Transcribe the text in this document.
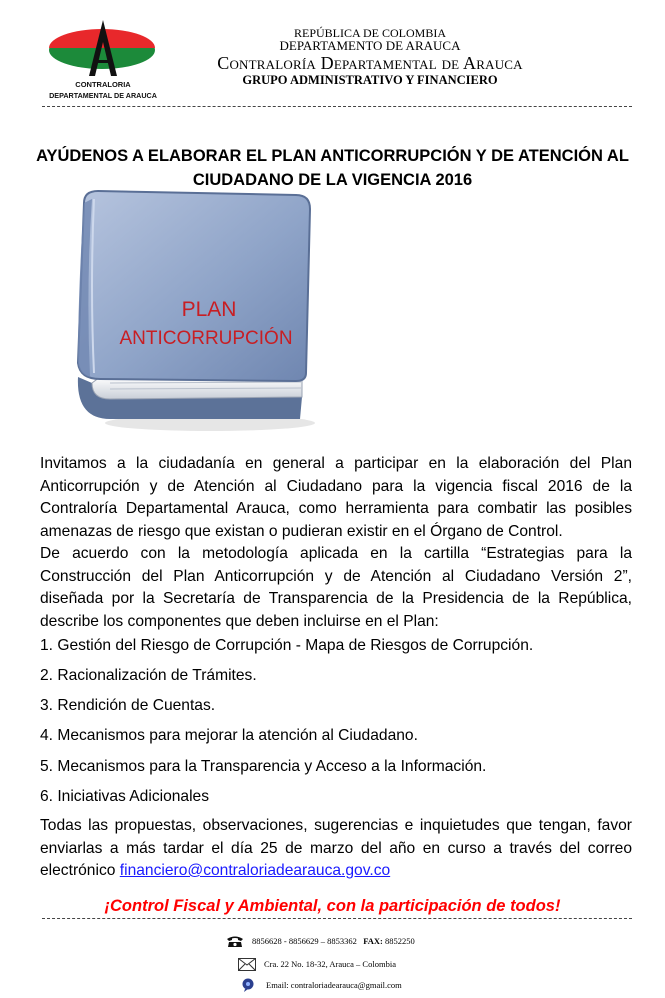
CONTRALORIA
DEPARTAMENTAL DE ARAUCA
REPÚBLICA DE COLOMBIA
DEPARTAMENTO DE ARAUCA
Contraloría Departamental de Arauca
GRUPO ADMINISTRATIVO Y FINANCIERO
AYÚDENOS A ELABORAR EL PLAN ANTICORRUPCIÓN Y DE ATENCIÓN AL CIUDADANO DE LA VIGENCIA 2016
PLAN
ANTICORRUPCIÓN
Invitamos a la ciudadanía en general a participar en la elaboración del Plan Anticorrupción y de Atención al Ciudadano para la vigencia fiscal 2016 de la Contraloría Departamental Arauca, como herramienta para combatir las posibles amenazas de riesgo que existan o pudieran existir en el Órgano de Control.
De acuerdo con la metodología aplicada en la cartilla “Estrategias para la Construcción del Plan Anticorrupción y de Atención al Ciudadano Versión 2”, diseñada por la Secretaría de Transparencia de la Presidencia de la República, describe los componentes que deben incluirse en el Plan:
1. Gestión del Riesgo de Corrupción - Mapa de Riesgos de Corrupción.
2. Racionalización de Trámites.
3. Rendición de Cuentas.
4. Mecanismos para mejorar la atención al Ciudadano.
5. Mecanismos para la Transparencia y Acceso a la Información.
6. Iniciativas Adicionales
Todas las propuestas, observaciones, sugerencias e inquietudes que tengan, favor enviarlas a más tardar el día 25 de marzo del año en curso a través del correo electrónico financiero@contraloriadearauca.gov.co
¡Control Fiscal y Ambiental, con la participación de todos!
8856628 - 8856629 – 8853362
FAX:
8852250
Cra. 22 No. 18-32, Arauca – Colombia
Email:
contraloriadearauca@gmail.com
